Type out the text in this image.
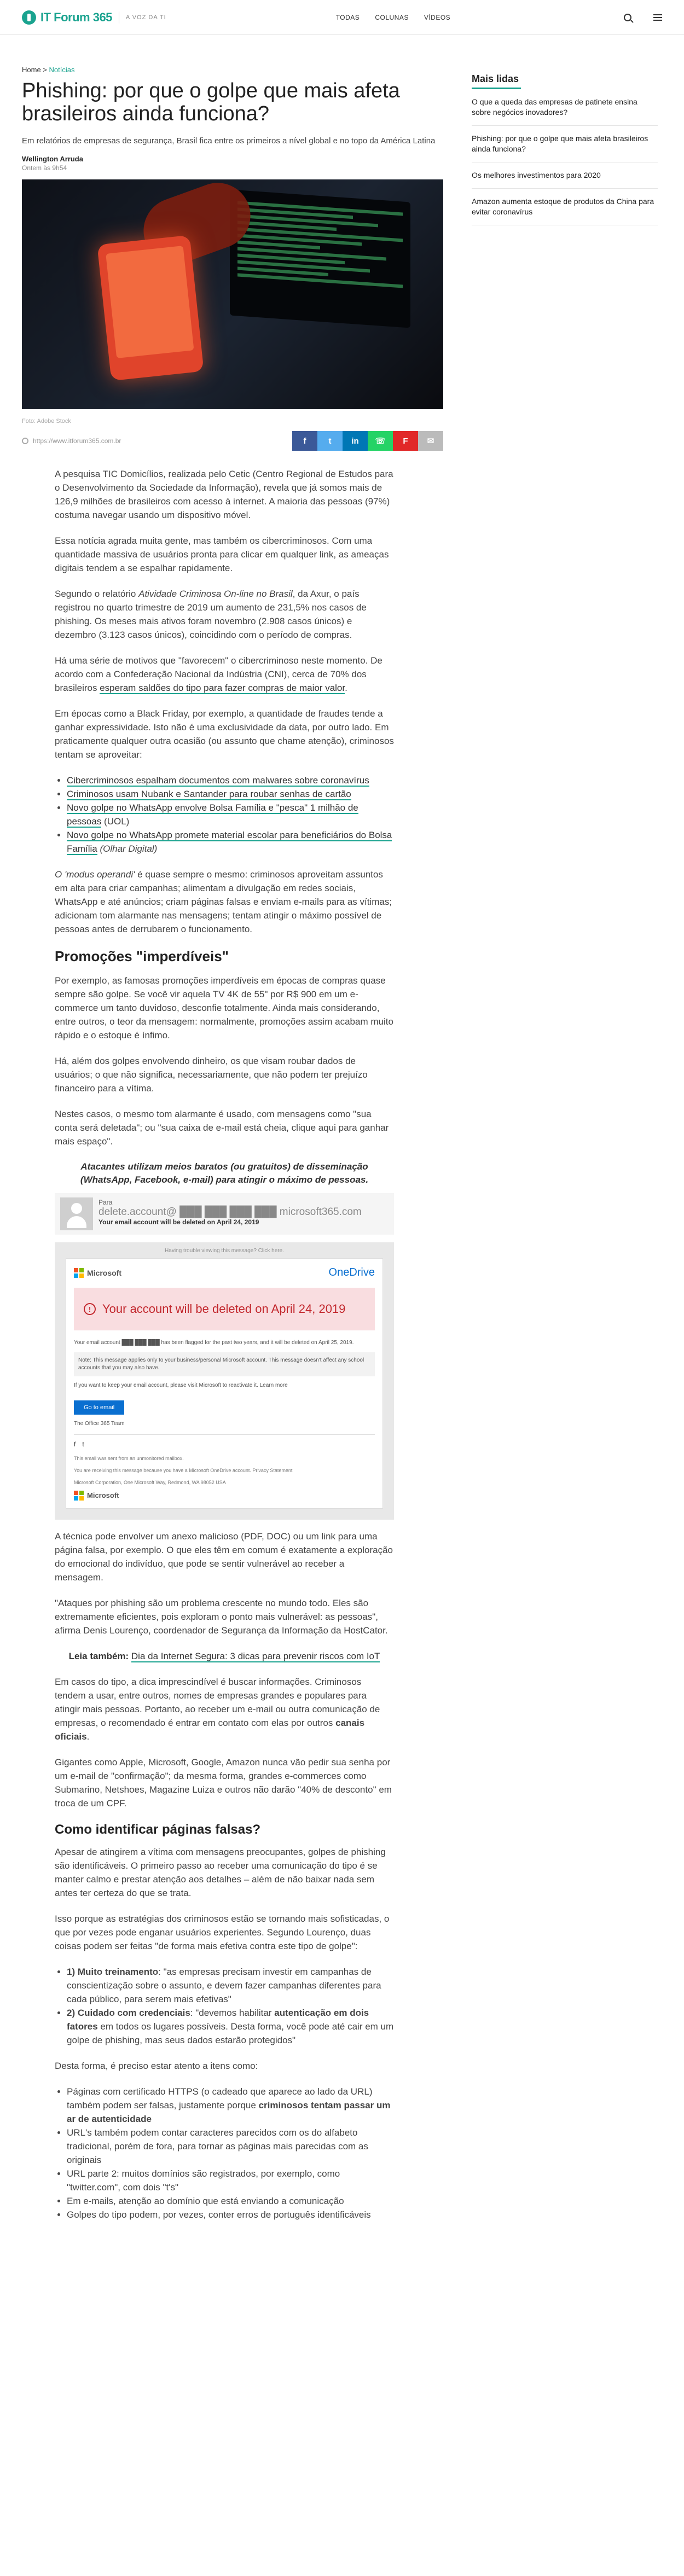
IT Forum 365 A VOZ DA TI	TODAS COLUNAS VÍDEOS
Home > Notícias
Phishing: por que o golpe que mais afeta brasileiros ainda funciona?

Em relatórios de empresas de segurança, Brasil fica entre os primeiros a nível global e no topo da América Latina

Wellington Arruda
Ontem às 9h54
Foto: Adobe Stock
https://www.itforum365.com.br	f	t in ☏ F ✉

A pesquisa TIC Domicílios, realizada pelo Cetic (Centro Regional de Estudos para o Desenvolvimento da Sociedade da Informação), revela que já somos mais de 126,9 milhões de brasileiros com acesso à internet. A maioria das pessoas (97%) costuma navegar usando um dispositivo móvel.

Essa notícia agrada muita gente, mas também os cibercriminosos. Com uma quantidade massiva de usuários pronta para clicar em qualquer link, as ameaças digitais tendem a se espalhar rapidamente.

Segundo o relatório Atividade Criminosa On-line no Brasil, da Axur, o país registrou no quarto trimestre de 2019 um aumento de 231,5% nos casos de phishing. Os meses mais ativos foram novembro (2.908 casos únicos) e dezembro (3.123 casos únicos), coincidindo com o período de compras.

Há uma série de motivos que "favorecem" o cibercriminoso neste momento. De acordo com a Confederação Nacional da Indústria (CNI), cerca de 70% dos brasileiros esperam saldões do tipo para fazer compras de maior valor.

Em épocas como a Black Friday, por exemplo, a quantidade de fraudes tende a ganhar expressividade. Isto não é uma exclusividade da data, por outro lado. Em praticamente qualquer outra ocasião (ou assunto que chame atenção), criminosos tentam se aproveitar:

• Cibercriminosos espalham documentos com malwares sobre coronavírus
• Criminosos usam Nubank e Santander para roubar senhas de cartão
• Novo golpe no WhatsApp envolve Bolsa Família e "pesca" 1 milhão de pessoas (UOL)
• Novo golpe no WhatsApp promete material escolar para beneficiários do Bolsa Família (Olhar Digital)

O 'modus operandi' é quase sempre o mesmo: criminosos aproveitam assuntos em alta para criar campanhas; alimentam a divulgação em redes sociais, WhatsApp e até anúncios; criam páginas falsas e enviam e-mails para as vítimas; adicionam tom alarmante nas mensagens; tentam atingir o máximo possível de pessoas antes de derrubarem o funcionamento.

Promoções "imperdíveis"

Por exemplo, as famosas promoções imperdíveis em épocas de compras quase sempre são golpe. Se você vir aquela TV 4K de 55" por R$ 900 em um e-commerce um tanto duvidoso, desconfie totalmente. Ainda mais considerando, entre outros, o teor da mensagem: normalmente, promoções assim acabam muito rápido e o estoque é ínfimo.

Há, além dos golpes envolvendo dinheiro, os que visam roubar dados de usuários; o que não significa, necessariamente, que não podem ter prejuízo financeiro para a vítima.

Nestes casos, o mesmo tom alarmante é usado, com mensagens como "sua conta será deletada"; ou "sua caixa de e-mail está cheia, clique aqui para ganhar mais espaço".

Atacantes utilizam meios baratos (ou gratuitos) de disseminação (WhatsApp, Facebook, e-mail) para atingir o máximo de pessoas.
Para
delete.account@ ███ ███ ███ ███ microsoft365.com
Your email account will be deleted on April 24, 2019
Having trouble viewing this message? Click here.
Microsoft	OneDrive
! Your account will be deleted on April 24, 2019

Your email account ███ ███ ███ has been flagged for the past two years, and it will be deleted on April 25, 2019.

Note: This message applies only to your business/personal Microsoft account. This message doesn't affect any school accounts that you may also have.

If you want to keep your email account, please visit Microsoft to reactivate it. Learn more

Go to email

The Office 365 Team

f t
This email was sent from an unmonitored mailbox.
You are receiving this message because you have a Microsoft OneDrive account. Privacy Statement
Microsoft Corporation, One Microsoft Way, Redmond, WA 98052 USA
Microsoft

A técnica pode envolver um anexo malicioso (PDF, DOC) ou um link para uma página falsa, por exemplo. O que eles têm em comum é exatamente a exploração do emocional do indivíduo, que pode se sentir vulnerável ao receber a mensagem.

"Ataques por phishing são um problema crescente no mundo todo. Eles são extremamente eficientes, pois exploram o ponto mais vulnerável: as pessoas", afirma Denis Lourenço, coordenador de Segurança da Informação da HostCator.

Leia também: Dia da Internet Segura: 3 dicas para prevenir riscos com IoT

Em casos do tipo, a dica imprescindível é buscar informações. Criminosos tendem a usar, entre outros, nomes de empresas grandes e populares para atingir mais pessoas. Portanto, ao receber um e-mail ou outra comunicação de empresas, o recomendado é entrar em contato com elas por outros canais oficiais.

Gigantes como Apple, Microsoft, Google, Amazon nunca vão pedir sua senha por um e-mail de "confirmação"; da mesma forma, grandes e-commerces como Submarino, Netshoes, Magazine Luiza e outros não darão "40% de desconto" em troca de um CPF.

Como identificar páginas falsas?

Apesar de atingirem a vítima com mensagens preocupantes, golpes de phishing são identificáveis. O primeiro passo ao receber uma comunicação do tipo é se manter calmo e prestar atenção aos detalhes – além de não baixar nada sem antes ter certeza do que se trata.

Isso porque as estratégias dos criminosos estão se tornando mais sofisticadas, o que por vezes pode enganar usuários experientes. Segundo Lourenço, duas coisas podem ser feitas "de forma mais efetiva contra este tipo de golpe":

• 1) Muito treinamento: "as empresas precisam investir em campanhas de conscientização sobre o assunto, e devem fazer campanhas diferentes para cada público, para serem mais efetivas"
• 2) Cuidado com credenciais: "devemos habilitar autenticação em dois fatores em todos os lugares possíveis. Desta forma, você pode até cair em um golpe de phishing, mas seus dados estarão protegidos"

Desta forma, é preciso estar atento a itens como:

• Páginas com certificado HTTPS (o cadeado que aparece ao lado da URL) também podem ser falsas, justamente porque criminosos tentam passar um ar de autenticidade
• URL's também podem contar caracteres parecidos com os do alfabeto tradicional, porém de fora, para tornar as páginas mais parecidas com as originais
• URL parte 2: muitos domínios são registrados, por exemplo, como "twitter.com", com dois "t's"
• Em e-mails, atenção ao domínio que está enviando a comunicação
• Golpes do tipo podem, por vezes, conter erros de português identificáveis
Mais lidas
O que a queda das empresas de patinete ensina sobre negócios inovadores?
Phishing: por que o golpe que mais afeta brasileiros ainda funciona?
Os melhores investimentos para 2020
Amazon aumenta estoque de produtos da China para evitar coronavírus
